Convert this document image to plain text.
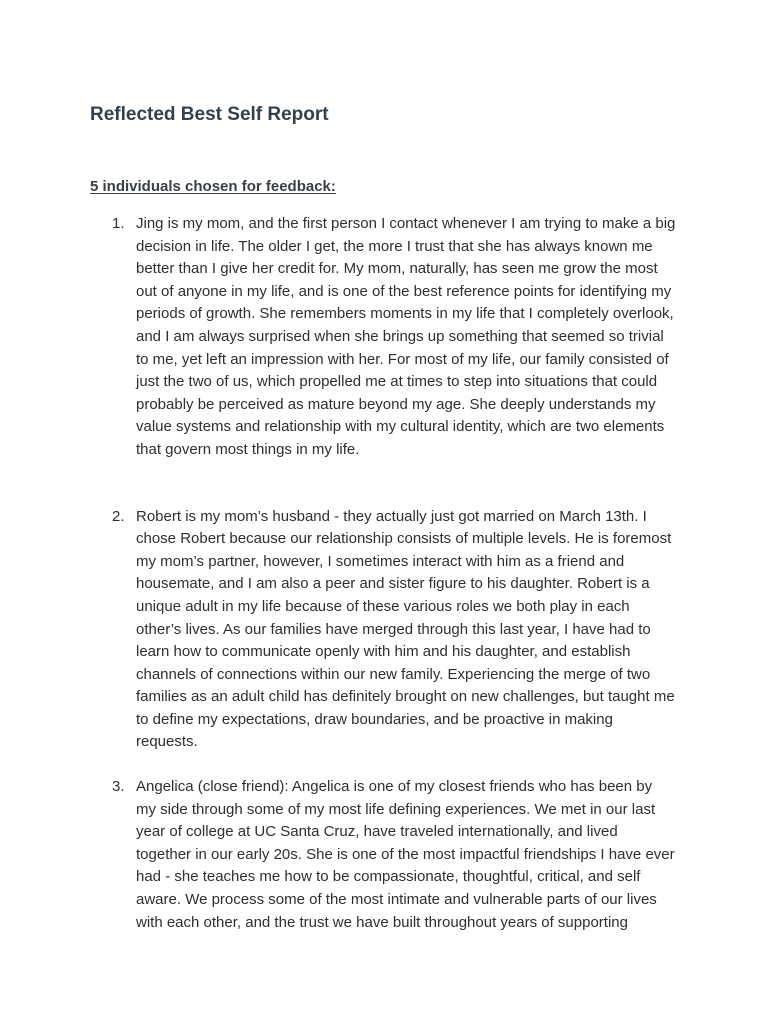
Reflected Best Self Report
5 individuals chosen for feedback:
1. Jing is my mom, and the first person I contact whenever I am trying to make a big decision in life. The older I get, the more I trust that she has always known me better than I give her credit for. My mom, naturally, has seen me grow the most out of anyone in my life, and is one of the best reference points for identifying my periods of growth. She remembers moments in my life that I completely overlook, and I am always surprised when she brings up something that seemed so trivial to me, yet left an impression with her. For most of my life, our family consisted of just the two of us, which propelled me at times to step into situations that could probably be perceived as mature beyond my age. She deeply understands my value systems and relationship with my cultural identity, which are two elements that govern most things in my life.
2. Robert is my mom’s husband - they actually just got married on March 13th. I chose Robert because our relationship consists of multiple levels. He is foremost my mom’s partner, however, I sometimes interact with him as a friend and housemate, and I am also a peer and sister figure to his daughter. Robert is a unique adult in my life because of these various roles we both play in each other’s lives. As our families have merged through this last year, I have had to learn how to communicate openly with him and his daughter, and establish channels of connections within our new family. Experiencing the merge of two families as an adult child has definitely brought on new challenges, but taught me to define my expectations, draw boundaries, and be proactive in making requests.
3. Angelica (close friend): Angelica is one of my closest friends who has been by my side through some of my most life defining experiences. We met in our last year of college at UC Santa Cruz, have traveled internationally, and lived together in our early 20s. She is one of the most impactful friendships I have ever had - she teaches me how to be compassionate, thoughtful, critical, and self aware. We process some of the most intimate and vulnerable parts of our lives with each other, and the trust we have built throughout years of supporting
